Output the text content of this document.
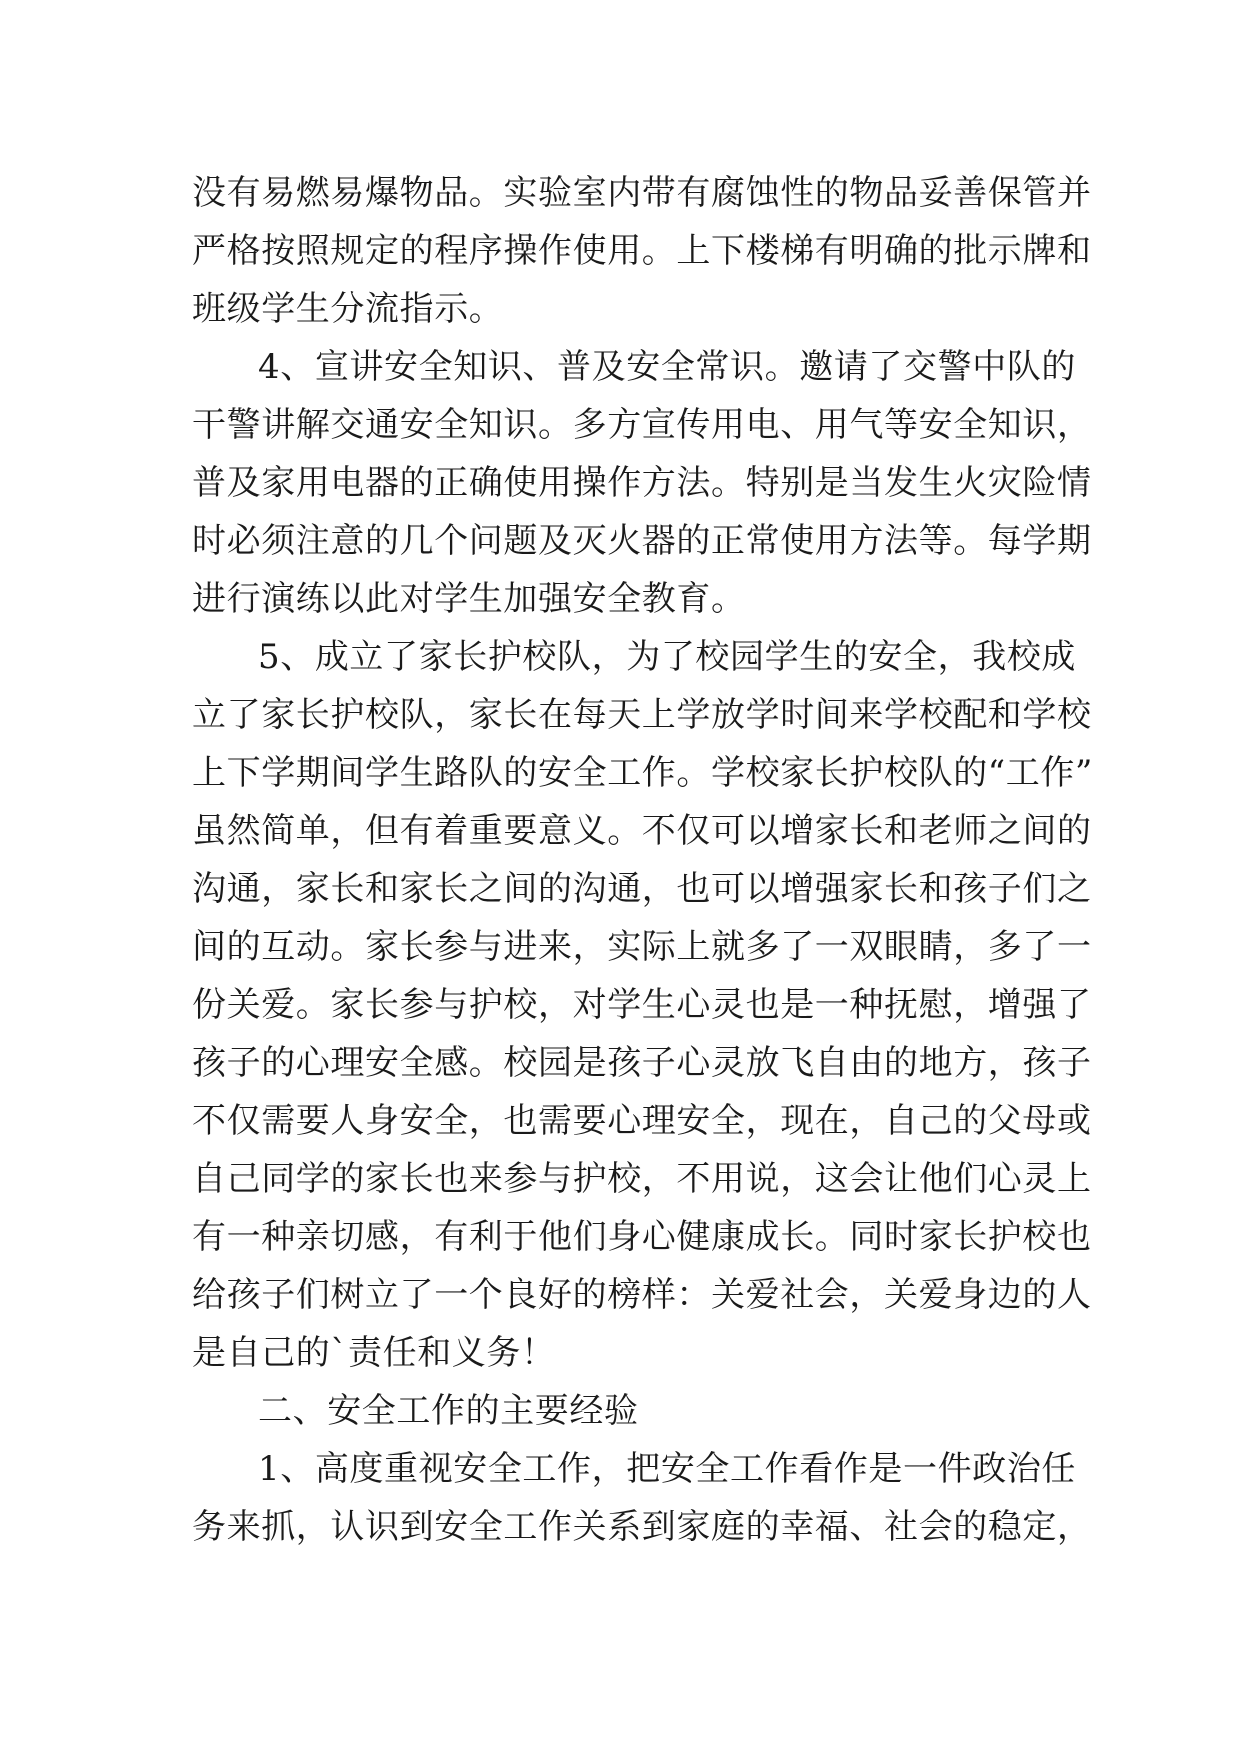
没有易燃易爆物品。实验室内带有腐蚀性的物品妥善保管并
严格按照规定的程序操作使用。上下楼梯有明确的批示牌和
班级学生分流指示。
4、宣讲安全知识、普及安全常识。邀请了交警中队的
干警讲解交通安全知识。多方宣传用电、用气等安全知识，
普及家用电器的正确使用操作方法。特别是当发生火灾险情
时必须注意的几个问题及灭火器的正常使用方法等。每学期
进行演练以此对学生加强安全教育。
5、成立了家长护校队，为了校园学生的安全，我校成
立了家长护校队，家长在每天上学放学时间来学校配和学校
上下学期间学生路队的安全工作。学校家长护校队的“工作”
虽然简单，但有着重要意义。不仅可以增家长和老师之间的
沟通，家长和家长之间的沟通，也可以增强家长和孩子们之
间的互动。家长参与进来，实际上就多了一双眼睛，多了一
份关爱。家长参与护校，对学生心灵也是一种抚慰，增强了
孩子的心理安全感。校园是孩子心灵放飞自由的地方，孩子
不仅需要人身安全，也需要心理安全，现在，自己的父母或
自己同学的家长也来参与护校，不用说，这会让他们心灵上
有一种亲切感，有利于他们身心健康成长。同时家长护校也
给孩子们树立了一个良好的榜样：关爱社会，关爱身边的人
是自己的`责任和义务！
二、安全工作的主要经验
1、高度重视安全工作，把安全工作看作是一件政治任
务来抓，认识到安全工作关系到家庭的幸福、社会的稳定，
